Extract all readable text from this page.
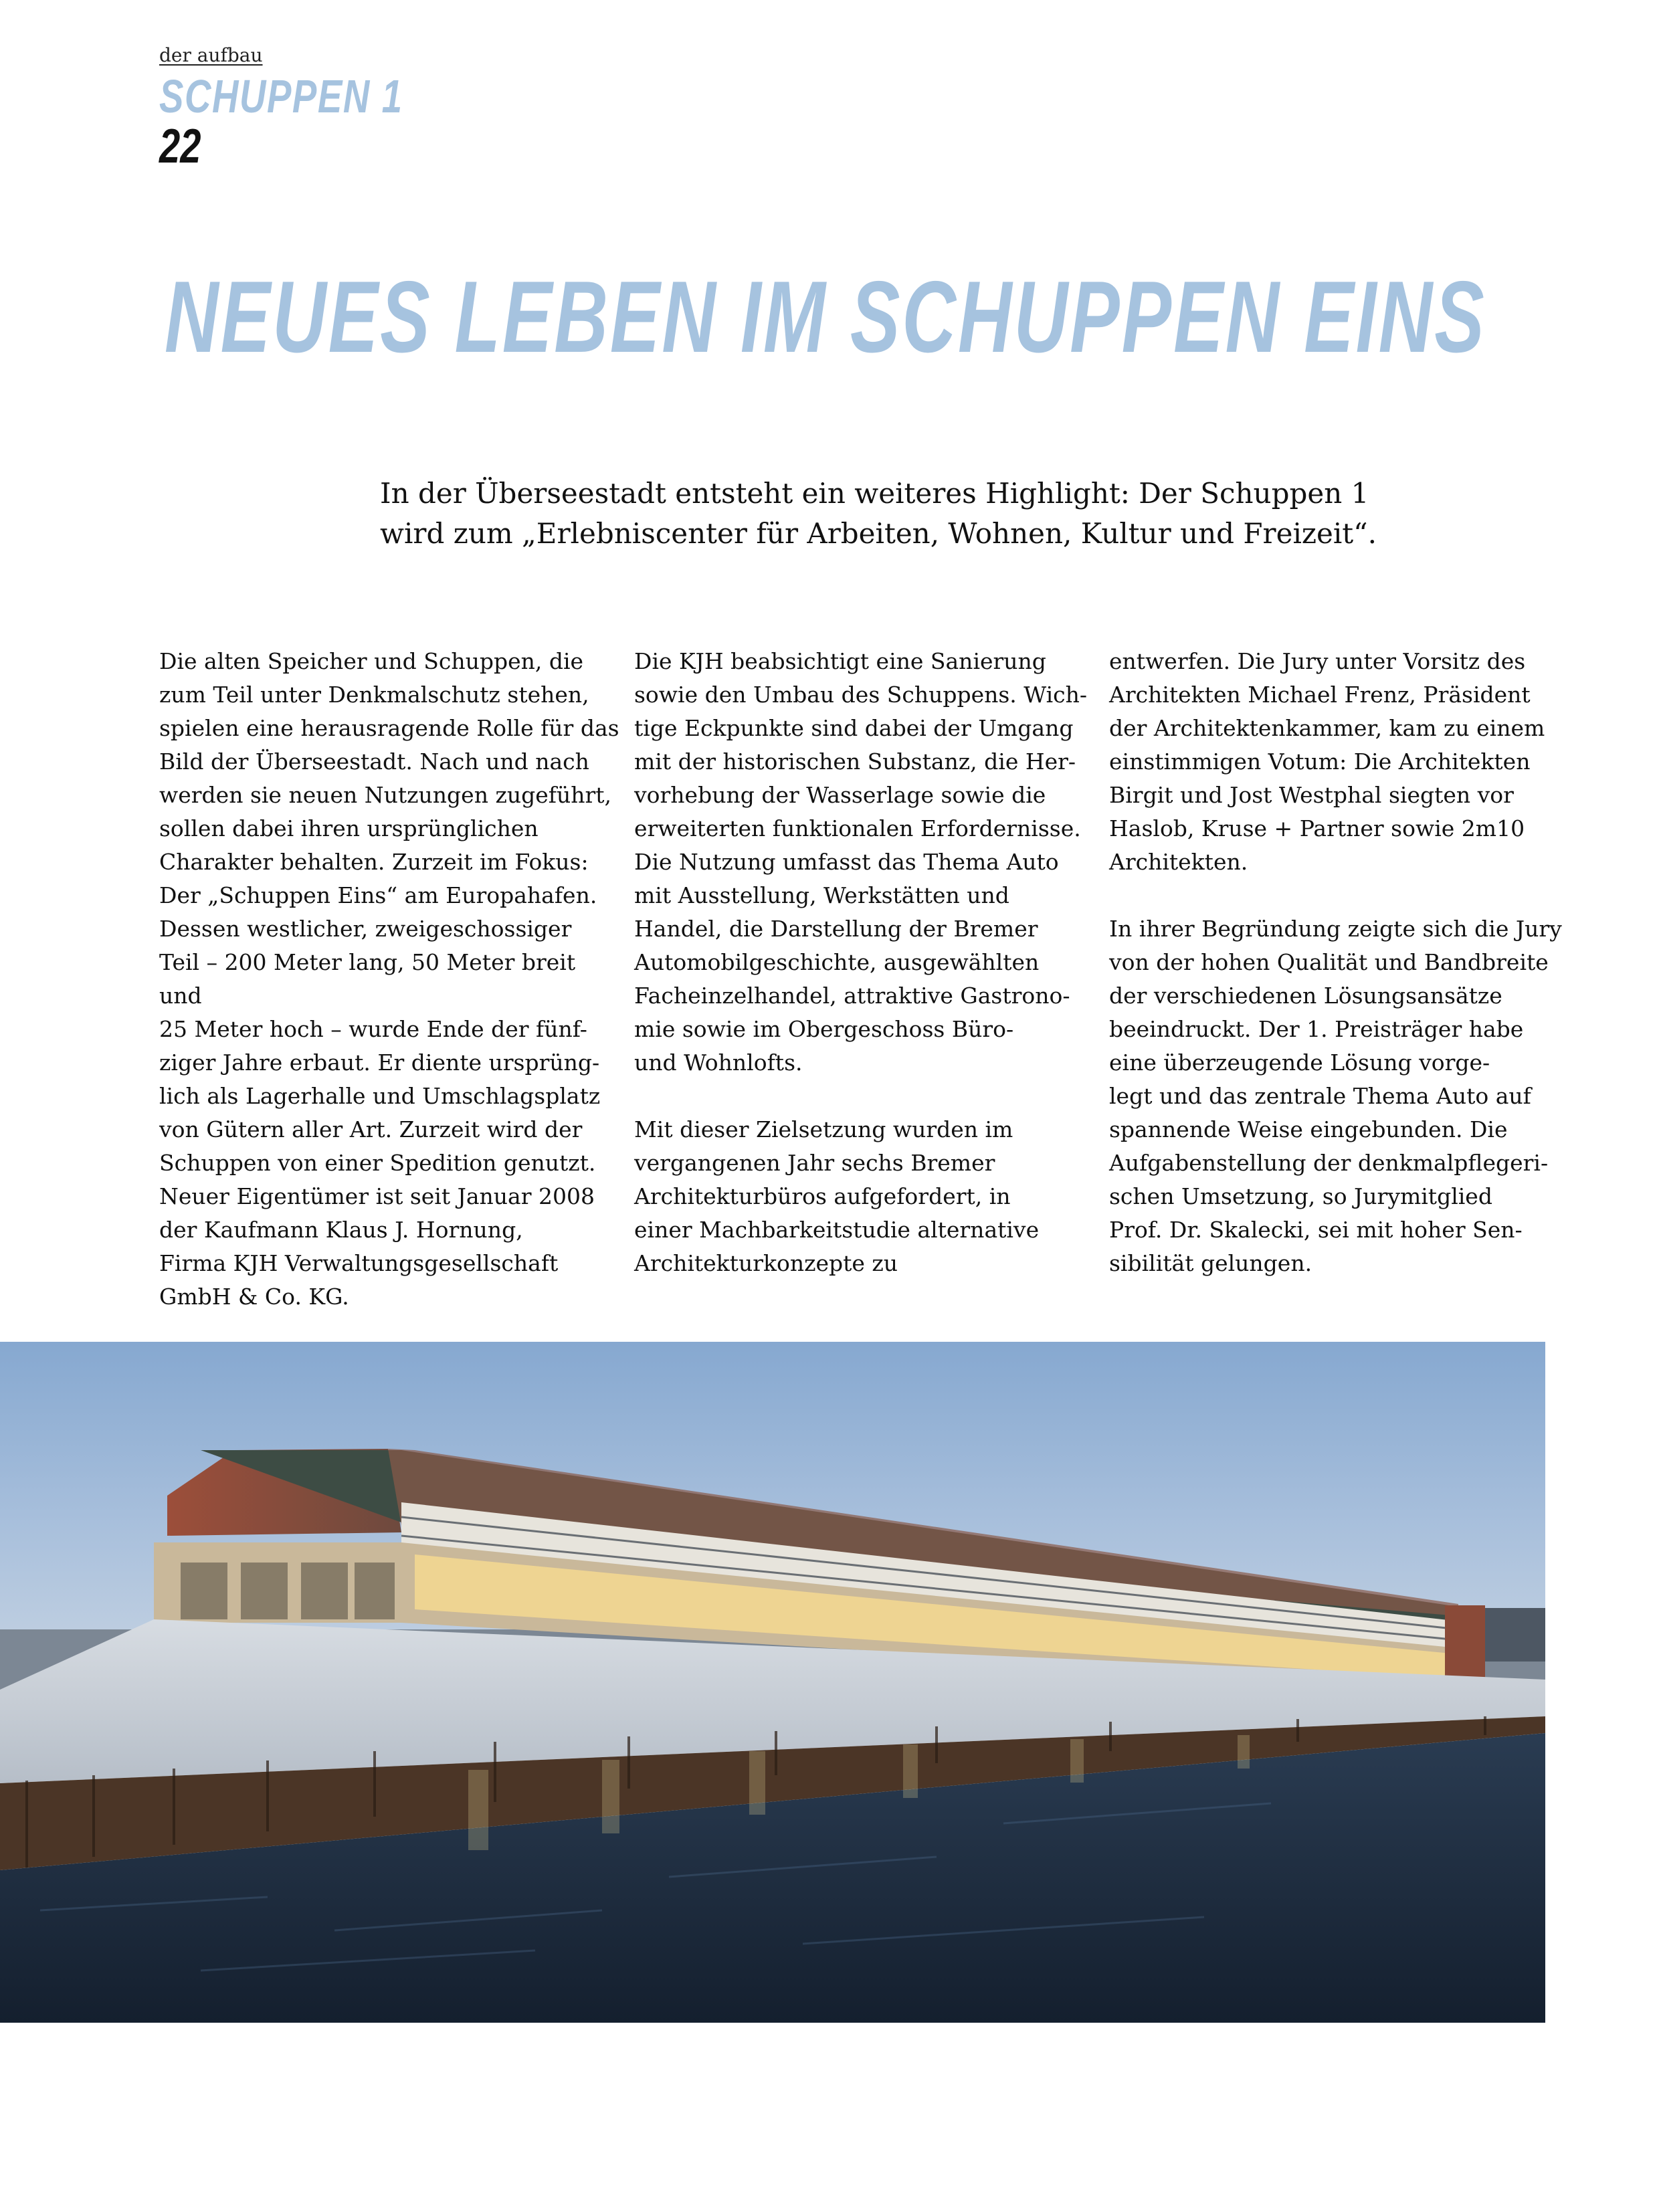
der aufbau
SCHUPPEN 1
22
NEUES LEBEN IM SCHUPPEN EINS

In der Überseestadt entsteht ein weiteres Highlight: Der Schuppen 1 wird zum „Erlebniscenter für Arbeiten, Wohnen, Kultur und Freizeit“.

Die alten Speicher und Schuppen, die
zum Teil unter Denkmalschutz stehen,
spielen eine herausragende Rolle für das
Bild der Überseestadt. Nach und nach
werden sie neuen Nutzungen zugeführt,
sollen dabei ihren ursprünglichen
Charakter behalten. Zurzeit im Fokus:
Der „Schuppen Eins“ am Europahafen.
Dessen westlicher, zweigeschossiger
Teil – 200 Meter lang, 50 Meter breit und
25 Meter hoch – wurde Ende der fünf-
ziger Jahre erbaut. Er diente ursprüng-
lich als Lagerhalle und Umschlagsplatz
von Gütern aller Art. Zurzeit wird der
Schuppen von einer Spedition genutzt.
Neuer Eigentümer ist seit Januar 2008
der Kaufmann Klaus J. Hornung,
Firma KJH Verwaltungsgesellschaft
GmbH & Co. KG.

Die KJH beabsichtigt eine Sanierung
sowie den Umbau des Schuppens. Wich-
tige Eckpunkte sind dabei der Umgang
mit der historischen Substanz, die Her-
vorhebung der Wasserlage sowie die
erweiterten funktionalen Erfordernisse.
Die Nutzung umfasst das Thema Auto
mit Ausstellung, Werkstätten und
Handel, die Darstellung der Bremer
Automobilgeschichte, ausgewählten
Facheinzelhandel, attraktive Gastrono-
mie sowie im Obergeschoss Büro-
und Wohnlofts.

Mit dieser Zielsetzung wurden im
vergangenen Jahr sechs Bremer
Architekturbüros aufgefordert, in
einer Machbarkeitstudie alternative
Architekturkonzepte zu

entwerfen. Die Jury unter Vorsitz des
Architekten Michael Frenz, Präsident
der Architektenkammer, kam zu einem
einstimmigen Votum: Die Architekten
Birgit und Jost Westphal siegten vor
Haslob, Kruse + Partner sowie 2m10
Architekten.

In ihrer Begründung zeigte sich die Jury
von der hohen Qualität und Bandbreite
der verschiedenen Lösungsansätze
beeindruckt. Der 1. Preisträger habe
eine überzeugende Lösung vorge-
legt und das zentrale Thema Auto auf
spannende Weise eingebunden. Die
Aufgabenstellung der denkmalpflegeri-
schen Umsetzung, so Jurymitglied
Prof. Dr. Skalecki, sei mit hoher Sen-
sibilität gelungen.
